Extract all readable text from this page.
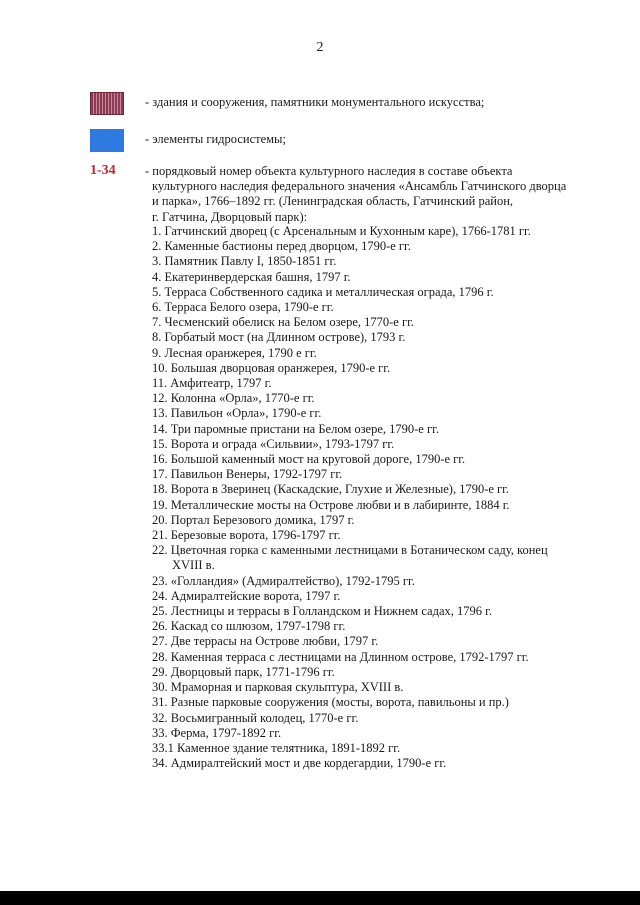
2
- здания и сооружения, памятники монументального искусства;
- элементы гидросистемы;
1-34 - порядковый номер объекта культурного наследия в составе объекта
культурного наследия федерального значения «Ансамбль Гатчинского дворца
и парка», 1766–1892 гг. (Ленинградская область, Гатчинский район,
г. Гатчина, Дворцовый парк):
1. Гатчинский дворец (с Арсенальным и Кухонным каре), 1766-1781 гг.
2. Каменные бастионы перед дворцом, 1790-е гг.
3. Памятник Павлу I, 1850-1851 гг.
4. Екатеринвердерская башня, 1797 г.
5. Терраса Собственного садика и металлическая ограда, 1796 г.
6. Терраса Белого озера, 1790-е гг.
7. Чесменский обелиск на Белом озере, 1770-е гг.
8. Горбатый мост (на Длинном острове), 1793 г.
9. Лесная оранжерея, 1790 е гг.
10. Большая дворцовая оранжерея, 1790-е гг.
11. Амфитеатр, 1797 г.
12. Колонна «Орла», 1770-е гг.
13. Павильон «Орла», 1790-е гг.
14. Три паромные пристани на Белом озере, 1790-е гг.
15. Ворота и ограда «Сильвии», 1793-1797 гг.
16. Большой каменный мост на круговой дороге, 1790-е гг.
17. Павильон Венеры, 1792-1797 гг.
18. Ворота в Зверинец (Каскадские, Глухие и Железные), 1790-е гг.
19. Металлические мосты на Острове любви и в лабиринте, 1884 г.
20. Портал Березового домика, 1797 г.
21. Березовые ворота, 1796-1797 гг.
22. Цветочная горка с каменными лестницами в Ботаническом саду, конец
XVIII в.
23. «Голландия» (Адмиралтейство), 1792-1795 гг.
24. Адмиралтейские ворота, 1797 г.
25. Лестницы и террасы в Голландском и Нижнем садах, 1796 г.
26. Каскад со шлюзом, 1797-1798 гг.
27. Две террасы на Острове любви, 1797 г.
28. Каменная терраса с лестницами на Длинном острове, 1792-1797 гг.
29. Дворцовый парк, 1771-1796 гг.
30. Мраморная и парковая скульптура, XVIII в.
31. Разные парковые сооружения (мосты, ворота, павильоны и пр.)
32. Восьмигранный колодец, 1770-е гг.
33. Ферма, 1797-1892 гг.
33.1 Каменное здание телятника, 1891-1892 гг.
34. Адмиралтейский мост и две кордегардии, 1790-е гг.
